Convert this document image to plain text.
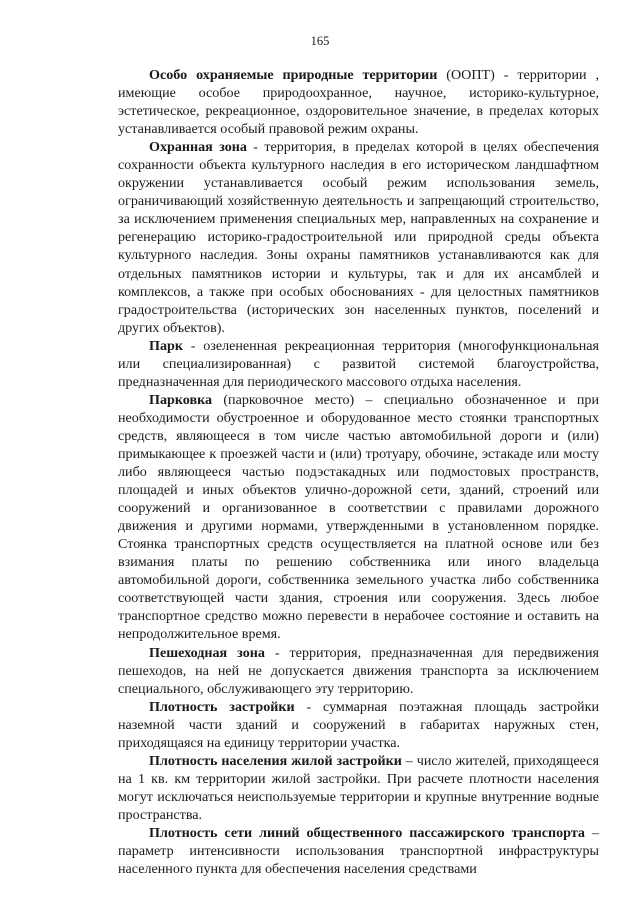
165

Особо охраняемые природные территории (ООПТ) - территории , имеющие особое природоохранное, научное, историко-культурное, эстетическое, рекреационное, оздоровительное значение, в пределах которых устанавливается особый правовой режим охраны.

Охранная зона - территория, в пределах которой в целях обеспечения сохранности объекта культурного наследия в его историческом ландшафтном окружении устанавливается особый режим использования земель, ограничивающий хозяйственную деятельность и запрещающий строительство, за исключением применения специальных мер, направленных на сохранение и регенерацию историко-градостроительной или природной среды объекта культурного наследия. Зоны охраны памятников устанавливаются как для отдельных памятников истории и культуры, так и для их ансамблей и комплексов, а также при особых обоснованиях - для целостных памятников градостроительства (исторических зон населенных пунктов, поселений и других объектов).

Парк - озелененная рекреационная территория (многофункциональная или специализированная) с развитой системой благоустройства, предназначенная для периодического массового отдыха населения.

Парковка (парковочное место) – специально обозначенное и при необходимости обустроенное и оборудованное место стоянки транспортных средств, являющееся в том числе частью автомобильной дороги и (или) примыкающее к проезжей части и (или) тротуару, обочине, эстакаде или мосту либо являющееся частью подэстакадных или подмостовых пространств, площадей и иных объектов улично-дорожной сети, зданий, строений или сооружений и организованное в соответствии с правилами дорожного движения и другими нормами, утвержденными в установленном порядке. Стоянка транспортных средств осуществляется на платной основе или без взимания платы по решению собственника или иного владельца автомобильной дороги, собственника земельного участка либо собственника соответствующей части здания, строения или сооружения. Здесь любое транспортное средство можно перевести в нерабочее состояние и оставить на непродолжительное время.

Пешеходная зона - территория, предназначенная для передвижения пешеходов, на ней не допускается движения транспорта за исключением специального, обслуживающего эту территорию.

Плотность застройки - суммарная поэтажная площадь застройки наземной части зданий и сооружений в габаритах наружных стен, приходящаяся на единицу территории участка.

Плотность населения жилой застройки – число жителей, приходящееся на 1 кв. км территории жилой застройки. При расчете плотности населения могут исключаться неиспользуемые территории и крупные внутренние водные пространства.

Плотность сети линий общественного пассажирского транспорта – параметр интенсивности использования транспортной инфраструктуры населенного пункта для обеспечения населения средствами
